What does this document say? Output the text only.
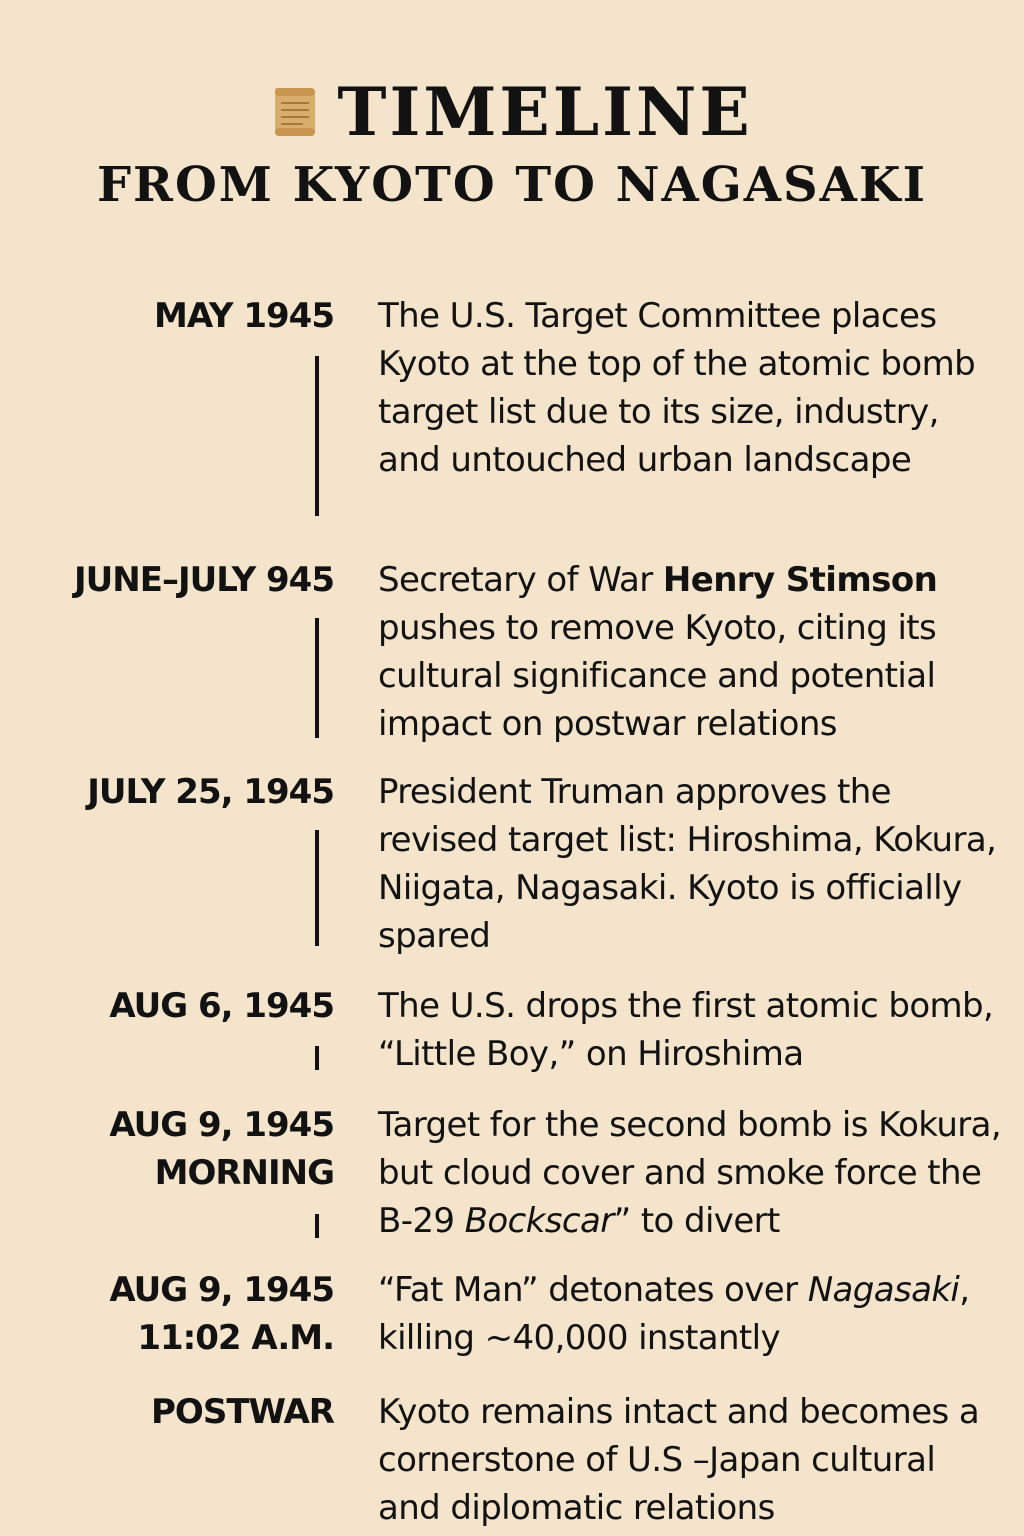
TIMELINE
FROM KYOTO TO NAGASAKI
MAY 1945 The U.S. Target Committee places Kyoto at the top of the atomic bomb target list due to its size, industry, and untouched urban landscape
JUNE–JULY 945 Secretary of War Henry Stimson pushes to remove Kyoto, citing its cultural significance and potential impact on postwar relations
JULY 25, 1945 President Truman approves the revised target list: Hiroshima, Kokura, Niigata, Nagasaki. Kyoto is officially spared
AUG 6, 1945 The U.S. drops the first atomic bomb, “Little Boy,” on Hiroshima
AUG 9, 1945
MORNING
Target for the second bomb is Kokura, but cloud cover and smoke force the B-29 Bockscar” to divert
AUG 9, 1945
11:02 A.M.
“Fat Man” detonates over Nagasaki, killing ~40,000 instantly
POSTWAR Kyoto remains intact and becomes a cornerstone of U.S –Japan cultural and diplomatic relations
